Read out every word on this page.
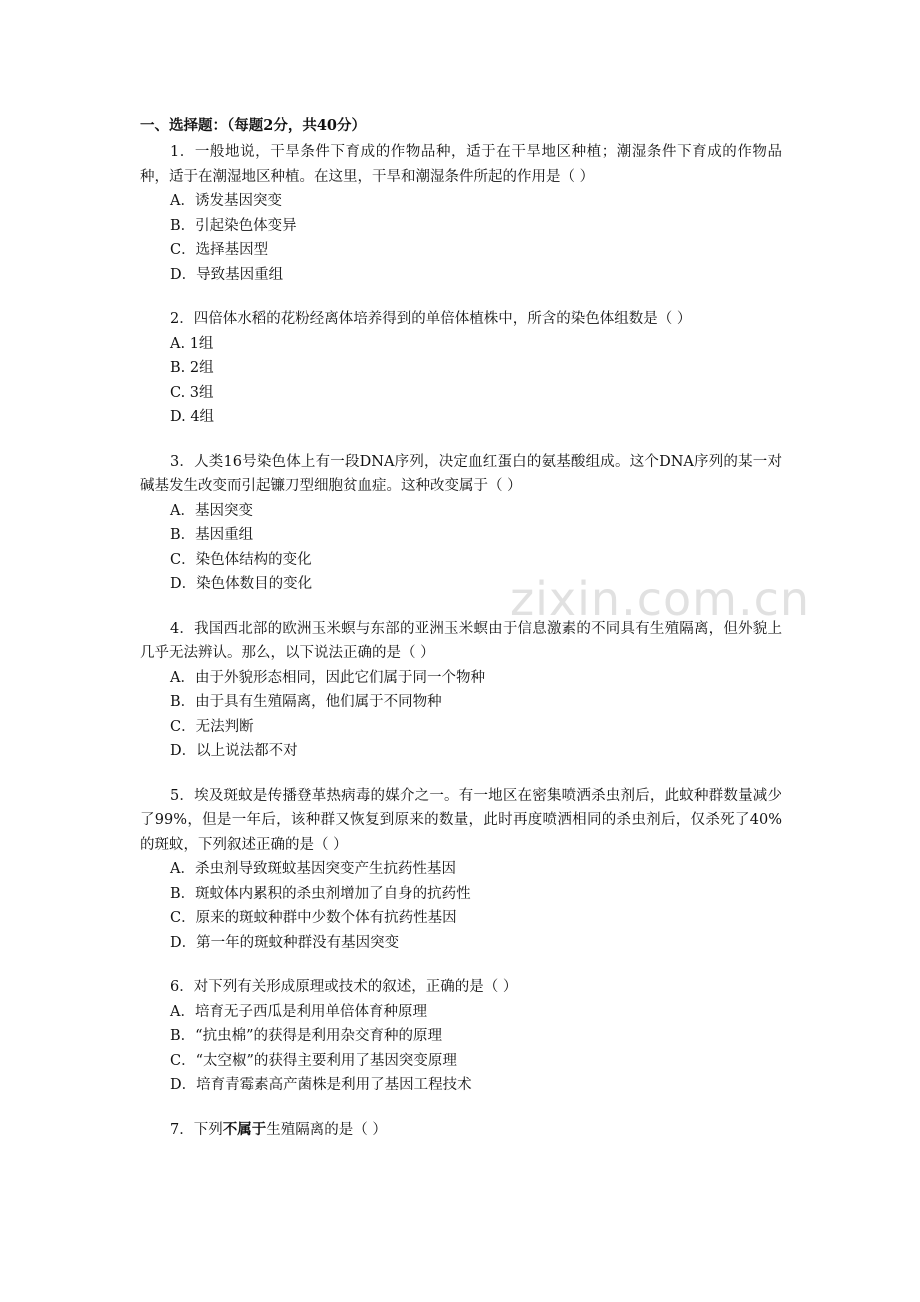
zixin.com.cn
一、选择题：（每题2分，共40分）

1．一般地说，干旱条件下育成的作物品种，适于在干旱地区种植；潮湿条件下育成的作物品种，适于在潮湿地区种植。在这里，干旱和潮湿条件所起的作用是（ ）

A．诱发基因突变
B．引起染色体变异
C．选择基因型
D．导致基因重组

2．四倍体水稻的花粉经离体培养得到的单倍体植株中，所含的染色体组数是（ ）

A. 1组
B. 2组
C. 3组
D. 4组

3．人类16号染色体上有一段DNA序列，决定血红蛋白的氨基酸组成。这个DNA序列的某一对碱基发生改变而引起镰刀型细胞贫血症。这种改变属于（ ）

A．基因突变
B．基因重组
C．染色体结构的变化
D．染色体数目的变化

4．我国西北部的欧洲玉米螟与东部的亚洲玉米螟由于信息激素的不同具有生殖隔离，但外貌上几乎无法辨认。那么，以下说法正确的是（ ）

A．由于外貌形态相同，因此它们属于同一个物种
B．由于具有生殖隔离，他们属于不同物种
C．无法判断
D．以上说法都不对

5．埃及斑蚊是传播登革热病毒的媒介之一。有一地区在密集喷洒杀虫剂后，此蚊种群数量减少了99%，但是一年后，该种群又恢复到原来的数量，此时再度喷洒相同的杀虫剂后，仅杀死了40%的斑蚊，下列叙述正确的是（ ）

A．杀虫剂导致斑蚊基因突变产生抗药性基因
B．斑蚊体内累积的杀虫剂增加了自身的抗药性
C．原来的斑蚊种群中少数个体有抗药性基因
D．第一年的斑蚊种群没有基因突变

6．对下列有关形成原理或技术的叙述，正确的是（ ）

A．培育无子西瓜是利用单倍体育种原理
B．“抗虫棉”的获得是利用杂交育种的原理
C．“太空椒”的获得主要利用了基因突变原理
D．培育青霉素高产菌株是利用了基因工程技术

7．下列不属于生殖隔离的是（ ）
